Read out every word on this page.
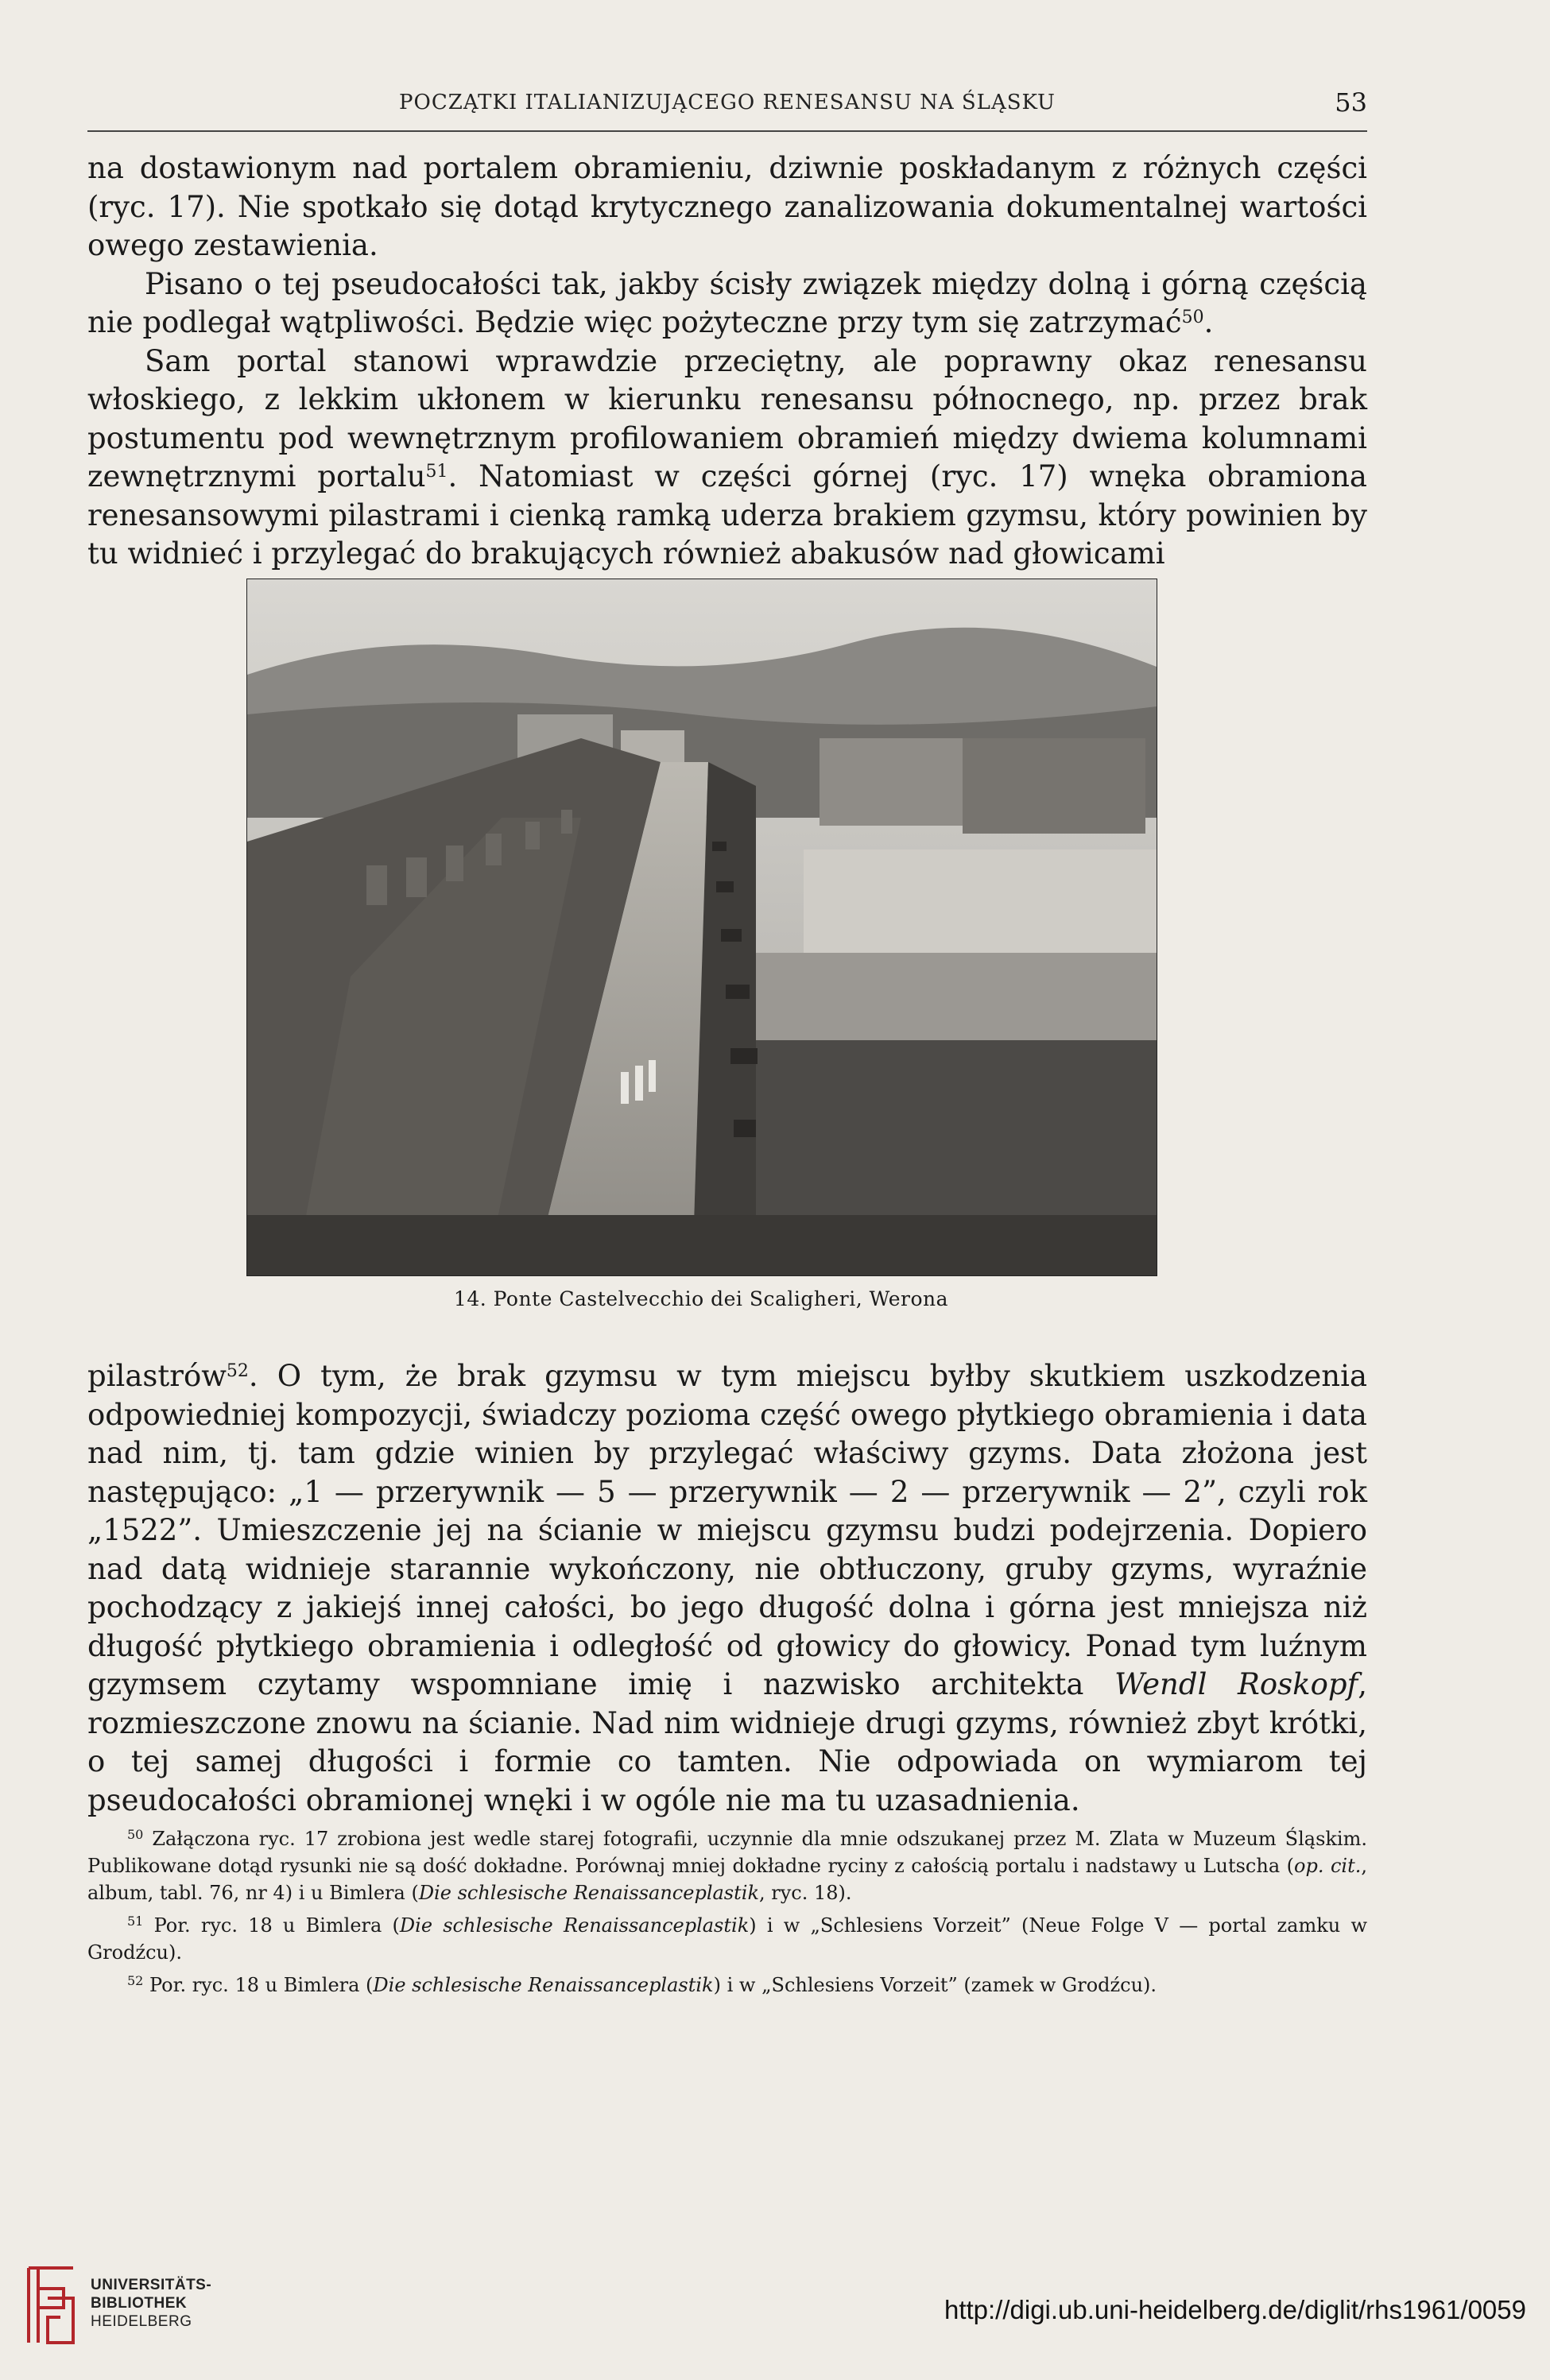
POCZĄTKI ITALIANIZUJĄCEGO RENESANSU NA ŚLĄSKU	53

na dostawionym nad portalem obramieniu, dziwnie poskładanym z różnych części (ryc. 17). Nie spotkało się dotąd krytycznego zanalizowania dokumentalnej wartości owego zestawienia.

Pisano o tej pseudocałości tak, jakby ścisły związek między dolną i górną częścią nie podlegał wątpliwości. Będzie więc pożyteczne przy tym się zatrzymać$^{50}$.

Sam portal stanowi wprawdzie przeciętny, ale poprawny okaz renesansu włoskiego, z lekkim ukłonem w kierunku renesansu północnego, np. przez brak postumentu pod wewnętrznym profilowaniem obramień między dwiema kolumnami zewnętrznymi portalu$^{51}$. Natomiast w części górnej (ryc. 17) wnęka obramiona renesansowymi pilastrami i cienką ramką uderza brakiem gzymsu, który powinien by tu widnieć i przylegać do brakujących również abakusów nad głowicami

14. Ponte Castelvecchio dei Scaligheri, Werona

pilastrów$^{52}$. O tym, że brak gzymsu w tym miejscu byłby skutkiem uszkodzenia odpowiedniej kompozycji, świadczy pozioma część owego płytkiego obramienia i data nad nim, tj. tam gdzie winien by przylegać właściwy gzyms. Data złożona jest następująco: „1 — przerywnik — 5 — przerywnik — 2 — przerywnik — 2”, czyli rok „1522”. Umieszczenie jej na ścianie w miejscu gzymsu budzi podejrzenia. Dopiero nad datą widnieje starannie wykończony, nie obtłuczony, gruby gzyms, wyraźnie pochodzący z jakiejś innej całości, bo jego długość dolna i górna jest mniejsza niż długość płytkiego obramienia i odległość od głowicy do głowicy. Ponad tym luźnym gzymsem czytamy wspomniane imię i nazwisko architekta Wendl Roskopf, rozmieszczone znowu na ścianie. Nad nim widnieje drugi gzyms, również zbyt krótki, o tej samej długości i formie co tamten. Nie odpowiada on wymiarom tej pseudocałości obramionej wnęki i w ogóle nie ma tu uzasadnienia.

$^{50}$ Załączona ryc. 17 zrobiona jest wedle starej fotografii, uczynnie dla mnie odszukanej przez M. Zlata w Muzeum Śląskim. Publikowane dotąd rysunki nie są dość dokładne. Porównaj mniej dokładne ryciny z całością portalu i nadstawy u Lutscha (op. cit., album, tabl. 76, nr 4) i u Bimlera (Die schlesische Renaissanceplastik, ryc. 18).

$^{51}$ Por. ryc. 18 u Bimlera (Die schlesische Renaissanceplastik) i w „Schlesiens Vorzeit” (Neue Folge V — portal zamku w Grodźcu).

$^{52}$ Por. ryc. 18 u Bimlera (Die schlesische Renaissanceplastik) i w „Schlesiens Vorzeit” (zamek w Grodźcu).

UNIVERSITÄTS-
BIBLIOTHEK
HEIDELBERG	http://digi.ub.uni-heidelberg.de/diglit/rhs1961/0059
